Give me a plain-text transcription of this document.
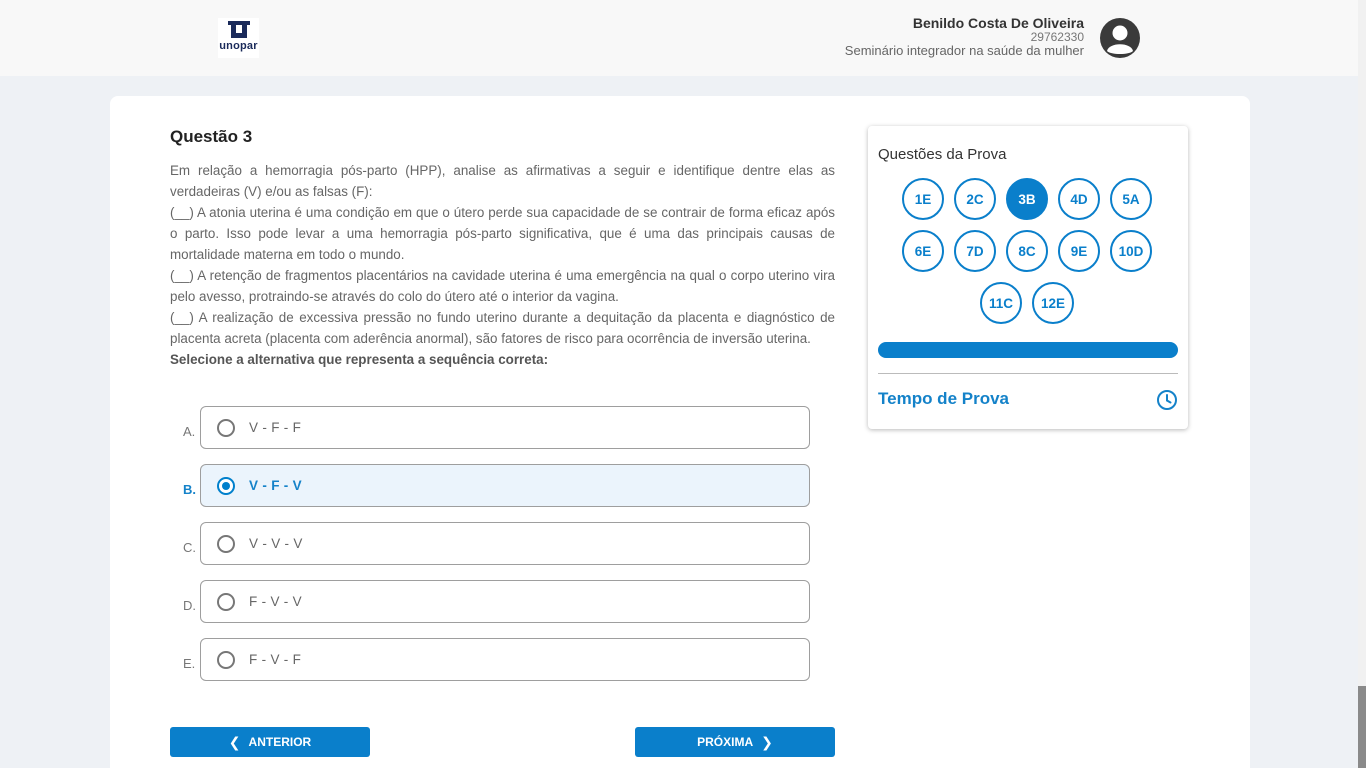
unopar
Benildo Costa De Oliveira
29762330
Seminário integrador na saúde da mulher
Questão 3

Em relação a hemorragia pós-parto (HPP), analise as afirmativas a seguir e identifique dentre elas as verdadeiras (V) e/ou as falsas (F):

(__) A atonia uterina é uma condição em que o útero perde sua capacidade de se contrair de forma eficaz após o parto. Isso pode levar a uma hemorragia pós-parto significativa, que é uma das principais causas de mortalidade materna em todo o mundo.

(__) A retenção de fragmentos placentários na cavidade uterina é uma emergência na qual o corpo uterino vira pelo avesso, protraindo-se através do colo do útero até o interior da vagina.

(__) A realização de excessiva pressão no fundo uterino durante a dequitação da placenta e diagnóstico de placenta acreta (placenta com aderência anormal), são fatores de risco para ocorrência de inversão uterina.

Selecione a alternativa que representa a sequência correta:

A.	V - F - F
B.	V - F - V
C.	V - V - V
D.	F - V - V
E.	F - V - F
❮ ANTERIOR	PRÓXIMA ❯
Questões da Prova
1E	2C	3B	4D	5A
6E	7D	8C	9E	10D
11C	12E
Tempo de Prova
